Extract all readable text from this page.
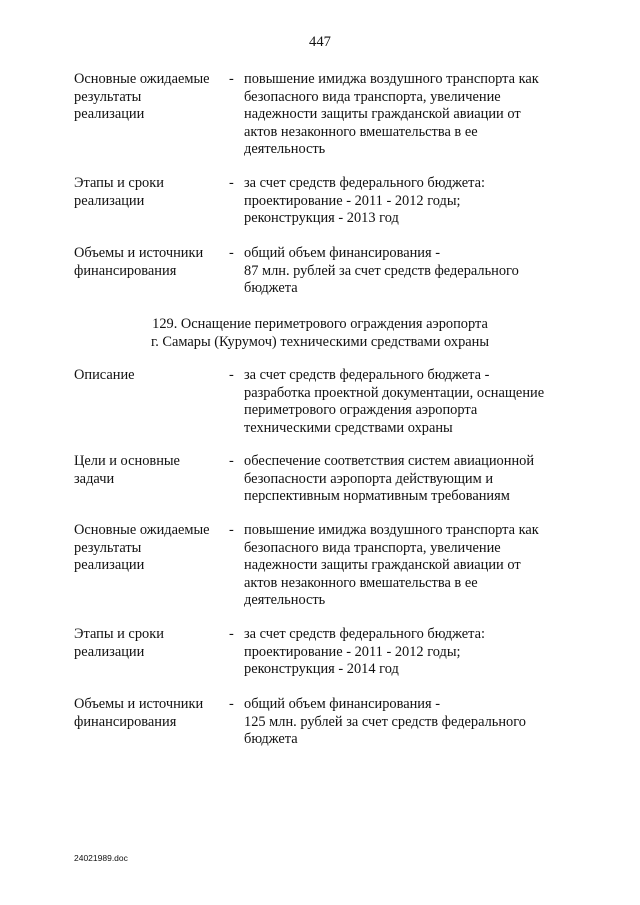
447
Основные ожидаемые
результаты
реализации
- повышение имиджа воздушного транспорта как
безопасного вида транспорта, увеличение
надежности защиты гражданской авиации от
актов незаконного вмешательства в ее
деятельность
Этапы и сроки
реализации
- за счет средств федерального бюджета:
проектирование - 2011 - 2012 годы;
реконструкция - 2013 год
Объемы и источники
финансирования
- общий объем финансирования -
87 млн. рублей за счет средств федерального
бюджета
129. Оснащение периметрового ограждения аэропорта
г. Самары (Курумоч) техническими средствами охраны
Описание	- за счет средств федерального бюджета -
разработка проектной документации, оснащение
периметрового ограждения аэропорта
техническими средствами охраны
Цели и основные
задачи
- обеспечение соответствия систем авиационной
безопасности аэропорта действующим и
перспективным нормативным требованиям
Основные ожидаемые
результаты
реализации
- повышение имиджа воздушного транспорта как
безопасного вида транспорта, увеличение
надежности защиты гражданской авиации от
актов незаконного вмешательства в ее
деятельность
Этапы и сроки
реализации
- за счет средств федерального бюджета:
проектирование - 2011 - 2012 годы;
реконструкция - 2014 год
Объемы и источники
финансирования
- общий объем финансирования -
125 млн. рублей за счет средств федерального
бюджета
24021989.doc
